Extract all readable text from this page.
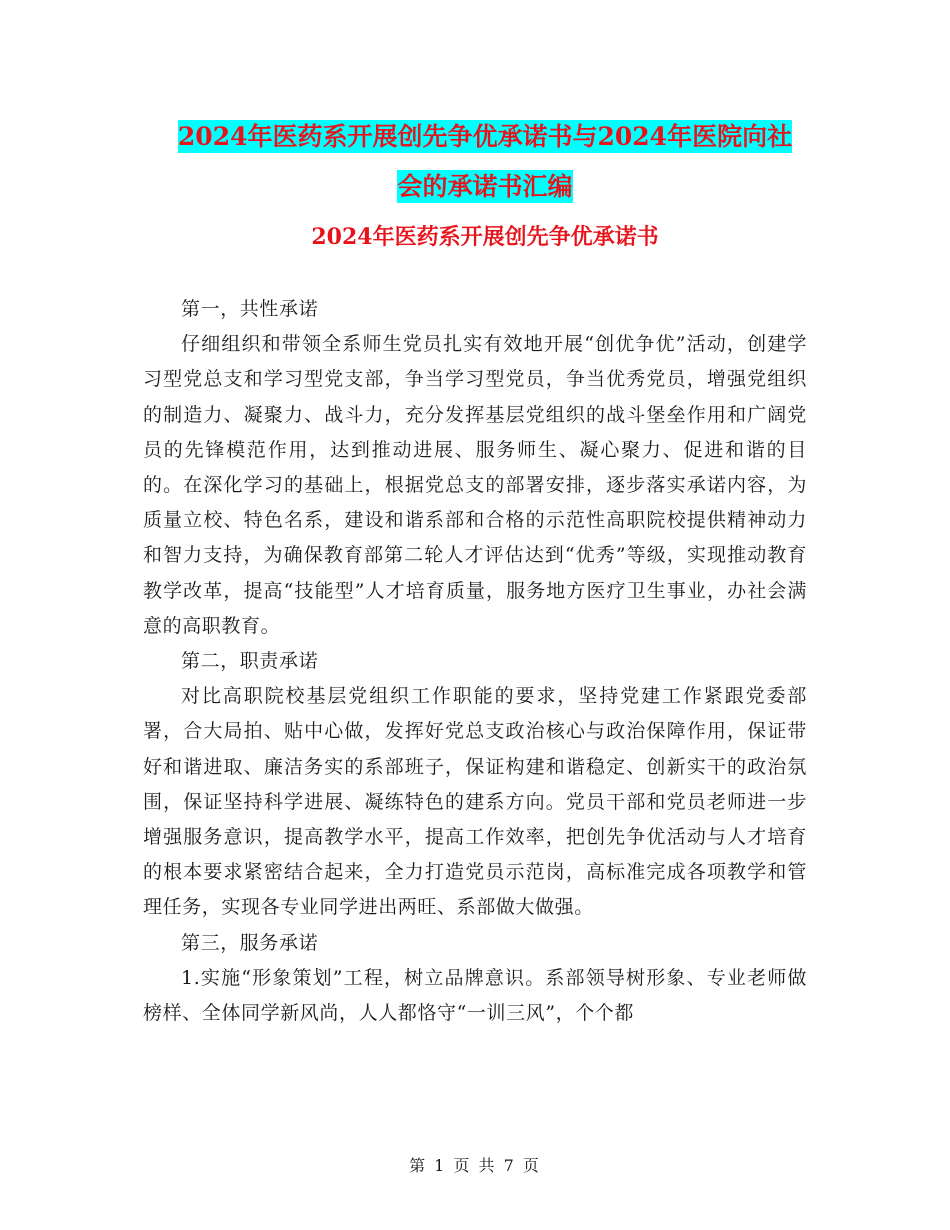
2024年医药系开展创先争优承诺书与2024年医院向社
会的承诺书汇编
2024年医药系开展创先争优承诺书

第一，共性承诺

仔细组织和带领全系师生党员扎实有效地开展“创优争优”活动，创建学习型党总支和学习型党支部，争当学习型党员，争当优秀党员，增强党组织的制造力、凝聚力、战斗力，充分发挥基层党组织的战斗堡垒作用和广阔党员的先锋模范作用，达到推动进展、服务师生、凝心聚力、促进和谐的目的。在深化学习的基础上，根据党总支的部署安排，逐步落实承诺内容，为质量立校、特色名系，建设和谐系部和合格的示范性高职院校提供精神动力和智力支持，为确保教育部第二轮人才评估达到“优秀”等级，实现推动教育教学改革，提高“技能型”人才培育质量，服务地方医疗卫生事业，办社会满意的高职教育。

第二，职责承诺

对比高职院校基层党组织工作职能的要求，坚持党建工作紧跟党委部署，合大局拍、贴中心做，发挥好党总支政治核心与政治保障作用，保证带好和谐进取、廉洁务实的系部班子，保证构建和谐稳定、创新实干的政治氛围，保证坚持科学进展、凝练特色的建系方向。党员干部和党员老师进一步增强服务意识，提高教学水平，提高工作效率，把创先争优活动与人才培育的根本要求紧密结合起来，全力打造党员示范岗，高标准完成各项教学和管理任务，实现各专业同学进出两旺、系部做大做强。

第三，服务承诺

1.实施“形象策划”工程，树立品牌意识。系部领导树形象、专业老师做榜样、全体同学新风尚，人人都恪守“一训三风”，个个都

第 1 页 共 7 页
